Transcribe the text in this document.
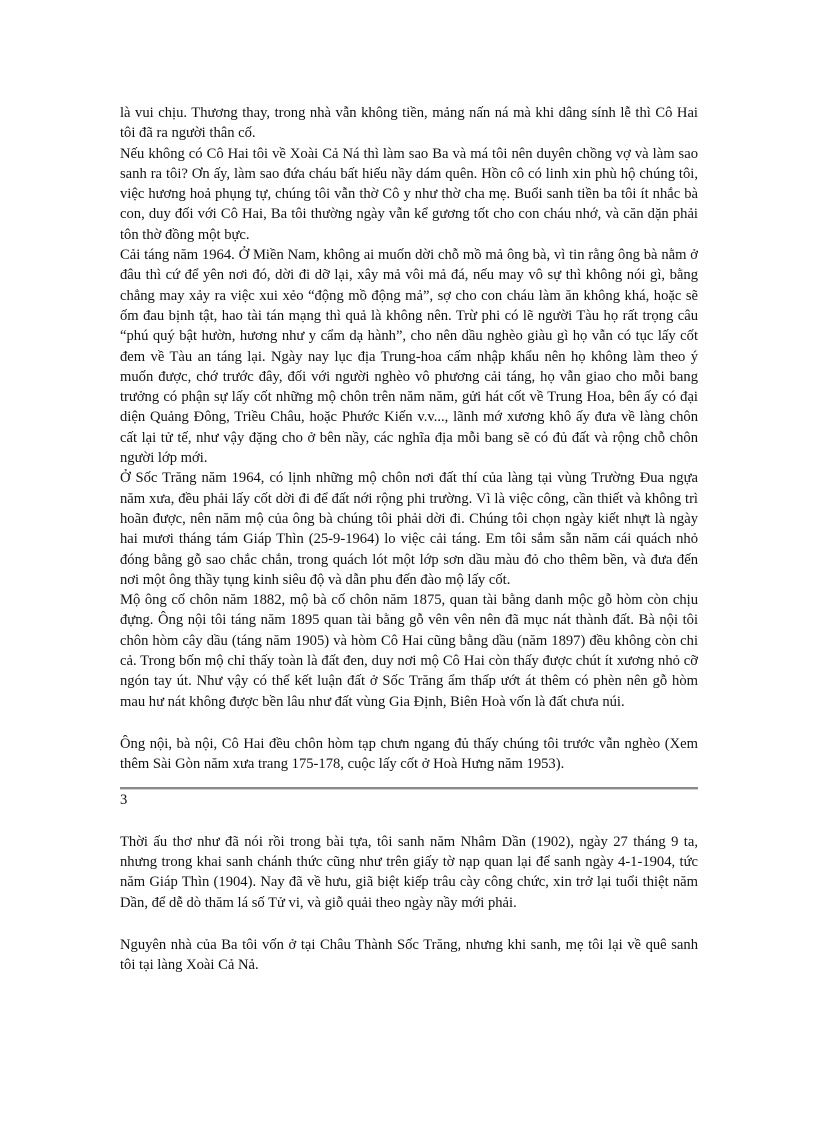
là vui chịu. Thương thay, trong nhà vẫn không tiền, mảng nấn ná mà khi dâng sính lễ thì Cô Hai tôi đã ra người thân cố.

Nếu không có Cô Hai tôi về Xoài Cả Ná thì làm sao Ba và má tôi nên duyên chồng vợ và làm sao sanh ra tôi? Ơn ấy, làm sao đứa cháu bất hiếu nầy dám quên. Hồn cô có linh xin phù hộ chúng tôi, việc hương hoả phụng tự, chúng tôi vẫn thờ Cô y như thờ cha mẹ. Buổi sanh tiền ba tôi ít nhắc bà con, duy đối với Cô Hai, Ba tôi thường ngày vẫn kể gương tốt cho con cháu nhớ, và căn dặn phải tôn thờ đồng một bực.

Cải táng năm 1964. Ở Miền Nam, không ai muốn dời chỗ mồ mả ông bà, vì tin rằng ông bà nằm ở đâu thì cứ để yên nơi đó, dời đi dỡ lại, xây mả vôi mả đá, nếu may vô sự thì không nói gì, bằng chẳng may xảy ra việc xui xẻo “động mồ động mả”, sợ cho con cháu làm ăn không khá, hoặc sẽ ốm đau bịnh tật, hao tài tán mạng thì quả là không nên. Trừ phi có lẽ người Tàu họ rất trọng câu “phú quý bật hườn, hương như y cẩm dạ hành”, cho nên dầu nghèo giàu gì họ vẫn có tục lấy cốt đem về Tàu an táng lại. Ngày nay lục địa Trung-hoa cấm nhập khẩu nên họ không làm theo ý muốn được, chớ trước đây, đối với người nghèo vô phương cải táng, họ vẫn giao cho mỗi bang trưởng có phận sự lấy cốt những mộ chôn trên năm năm, gửi hát cốt về Trung Hoa, bên ấy có đại diện Quảng Đông, Triều Châu, hoặc Phước Kiến v.v..., lãnh mớ xương khô ấy đưa về làng chôn cất lại tử tế, như vậy đặng cho ở bên nầy, các nghĩa địa mỗi bang sẽ có đủ đất và rộng chỗ chôn người lớp mới.

Ở Sốc Trăng năm 1964, có lịnh những mộ chôn nơi đất thí của làng tại vùng Trường Đua ngựa năm xưa, đều phải lấy cốt dời đi để đất nới rộng phi trường. Vì là việc công, cần thiết và không trì hoãn được, nên năm mộ của ông bà chúng tôi phải dời đi. Chúng tôi chọn ngày kiết nhựt là ngày hai mươi tháng tám Giáp Thìn (25-9-1964) lo việc cải táng. Em tôi sắm sẵn năm cái quách nhỏ đóng bằng gỗ sao chắc chắn, trong quách lót một lớp sơn dầu màu đỏ cho thêm bền, và đưa đến nơi một ông thầy tụng kinh siêu độ và dẫn phu đến đào mộ lấy cốt.

Mộ ông cố chôn năm 1882, mộ bà cố chôn năm 1875, quan tài bằng danh mộc gỗ hòm còn chịu đựng. Ông nội tôi táng năm 1895 quan tài bằng gỗ vên vên nên đã mục nát thành đất. Bà nội tôi chôn hòm cây dầu (táng năm 1905) và hòm Cô Hai cũng bằng dầu (năm 1897) đều không còn chi cả. Trong bốn mộ chỉ thấy toàn là đất đen, duy nơi mộ Cô Hai còn thấy được chút ít xương nhỏ cỡ ngón tay út. Như vậy có thể kết luận đất ở Sốc Trăng ẩm thấp ướt át thêm có phèn nên gỗ hòm mau hư nát không được bền lâu như đất vùng Gia Định, Biên Hoà vốn là đất chưa núi.

Ông nội, bà nội, Cô Hai đều chôn hòm tạp chưn ngang đủ thấy chúng tôi trước vẫn nghèo (Xem thêm Sài Gòn năm xưa trang 175-178, cuộc lấy cốt ở Hoà Hưng năm 1953).

3

Thời ấu thơ như đã nói rồi trong bài tựa, tôi sanh năm Nhâm Dần (1902), ngày 27 tháng 9 ta, nhưng trong khai sanh chánh thức cũng như trên giấy tờ nạp quan lại để sanh ngày 4-1-1904, tức năm Giáp Thìn (1904). Nay đã về hưu, giã biệt kiếp trâu cày công chức, xin trở lại tuổi thiệt năm Dần, để dễ dò thăm lá số Tử vi, và giỗ quải theo ngày nầy mới phải.

Nguyên nhà của Ba tôi vốn ở tại Châu Thành Sốc Trăng, nhưng khi sanh, mẹ tôi lại về quê sanh tôi tại làng Xoài Cả Nả.
